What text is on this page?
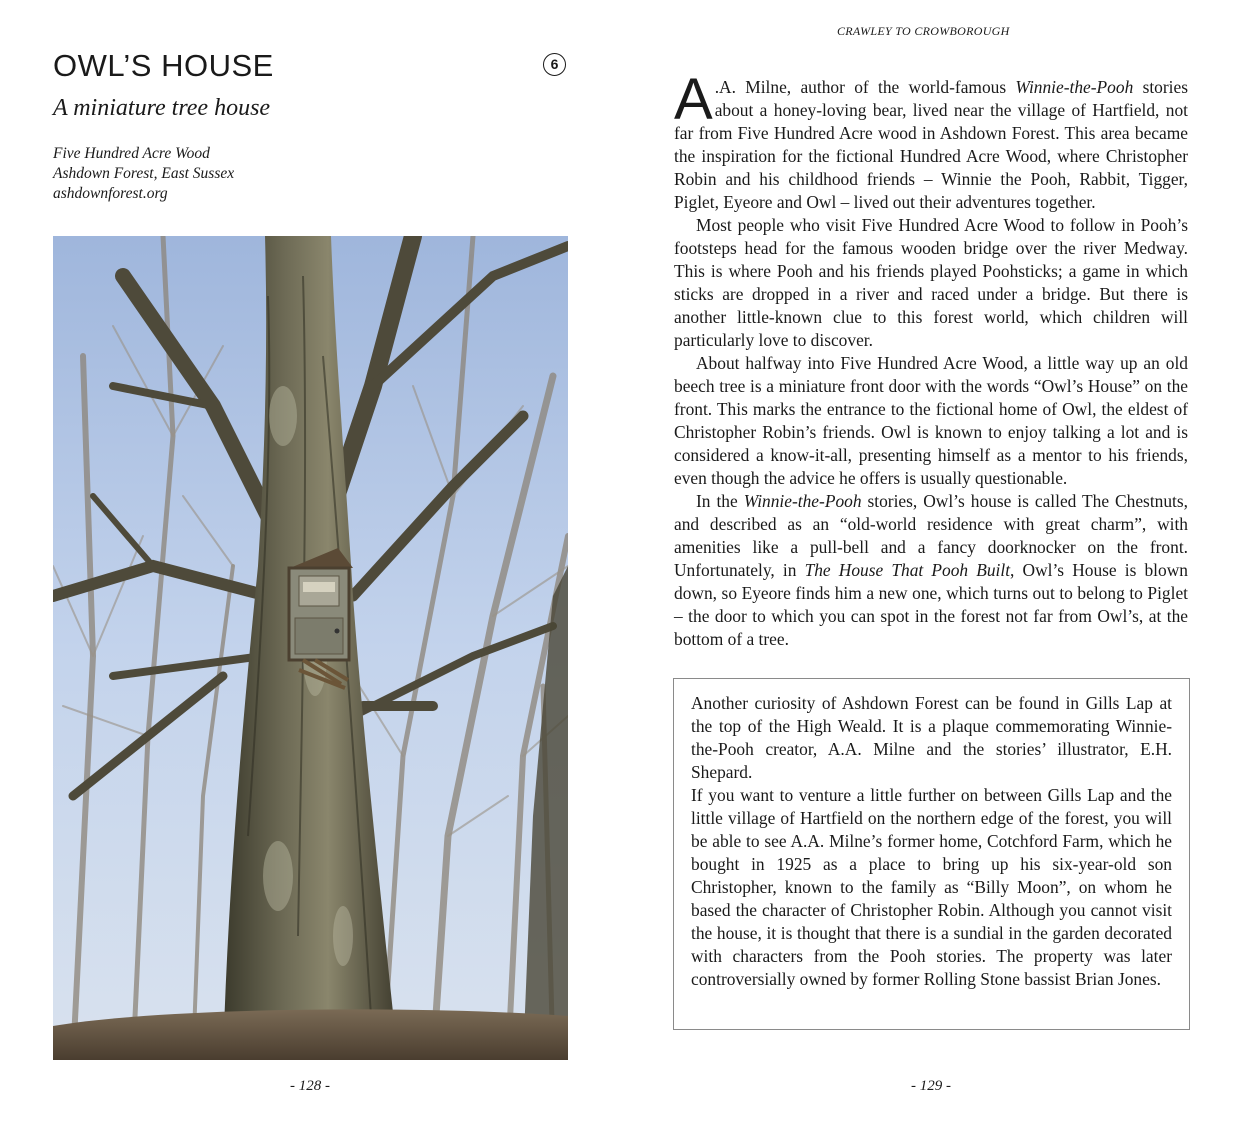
OWL’S HOUSE	6
A miniature tree house
Five Hundred Acre Wood
Ashdown Forest, East Sussex
ashdownforest.org
- 128 -
CRAWLEY TO CROWBOROUGH

A .A. Milne, author of the world-famous Winnie-the-Pooh stories about a honey-loving bear, lived near the village of Hartfield, not far from Five Hundred Acre wood in Ashdown Forest. This area became the inspiration for the fictional Hundred Acre Wood, where Christopher Robin and his childhood friends – Winnie the Pooh, Rabbit, Tigger, Piglet, Eyeore and Owl – lived out their adventures together.

Most people who visit Five Hundred Acre Wood to follow in Pooh’s footsteps head for the famous wooden bridge over the river Medway. This is where Pooh and his friends played Poohsticks; a game in which sticks are dropped in a river and raced under a bridge. But there is another little-known clue to this forest world, which children will particularly love to discover.

About halfway into Five Hundred Acre Wood, a little way up an old beech tree is a miniature front door with the words “Owl’s House” on the front. This marks the entrance to the fictional home of Owl, the eldest of Christopher Robin’s friends. Owl is known to enjoy talking a lot and is considered a know-it-all, presenting himself as a mentor to his friends, even though the advice he offers is usually questionable.

In the Winnie-the-Pooh stories, Owl’s house is called The Chestnuts, and described as an “old-world residence with great charm”, with amenities like a pull-bell and a fancy doorknocker on the front. Unfortunately, in The House That Pooh Built, Owl’s House is blown down, so Eyeore finds him a new one, which turns out to belong to Piglet – the door to which you can spot in the forest not far from Owl’s, at the bottom of a tree.

Another curiosity of Ashdown Forest can be found in Gills Lap at the top of the High Weald. It is a plaque commemorating Winnie-the-Pooh creator, A.A. Milne and the stories’ illustrator, E.H. Shepard.

If you want to venture a little further on between Gills Lap and the little village of Hartfield on the northern edge of the forest, you will be able to see A.A. Milne’s former home, Cotchford Farm, which he bought in 1925 as a place to bring up his six-year-old son Christopher, known to the family as “Billy Moon”, on whom he based the character of Christopher Robin. Although you cannot visit the house, it is thought that there is a sundial in the garden decorated with characters from the Pooh stories. The property was later controversially owned by former Rolling Stone bassist Brian Jones.

- 129 -
